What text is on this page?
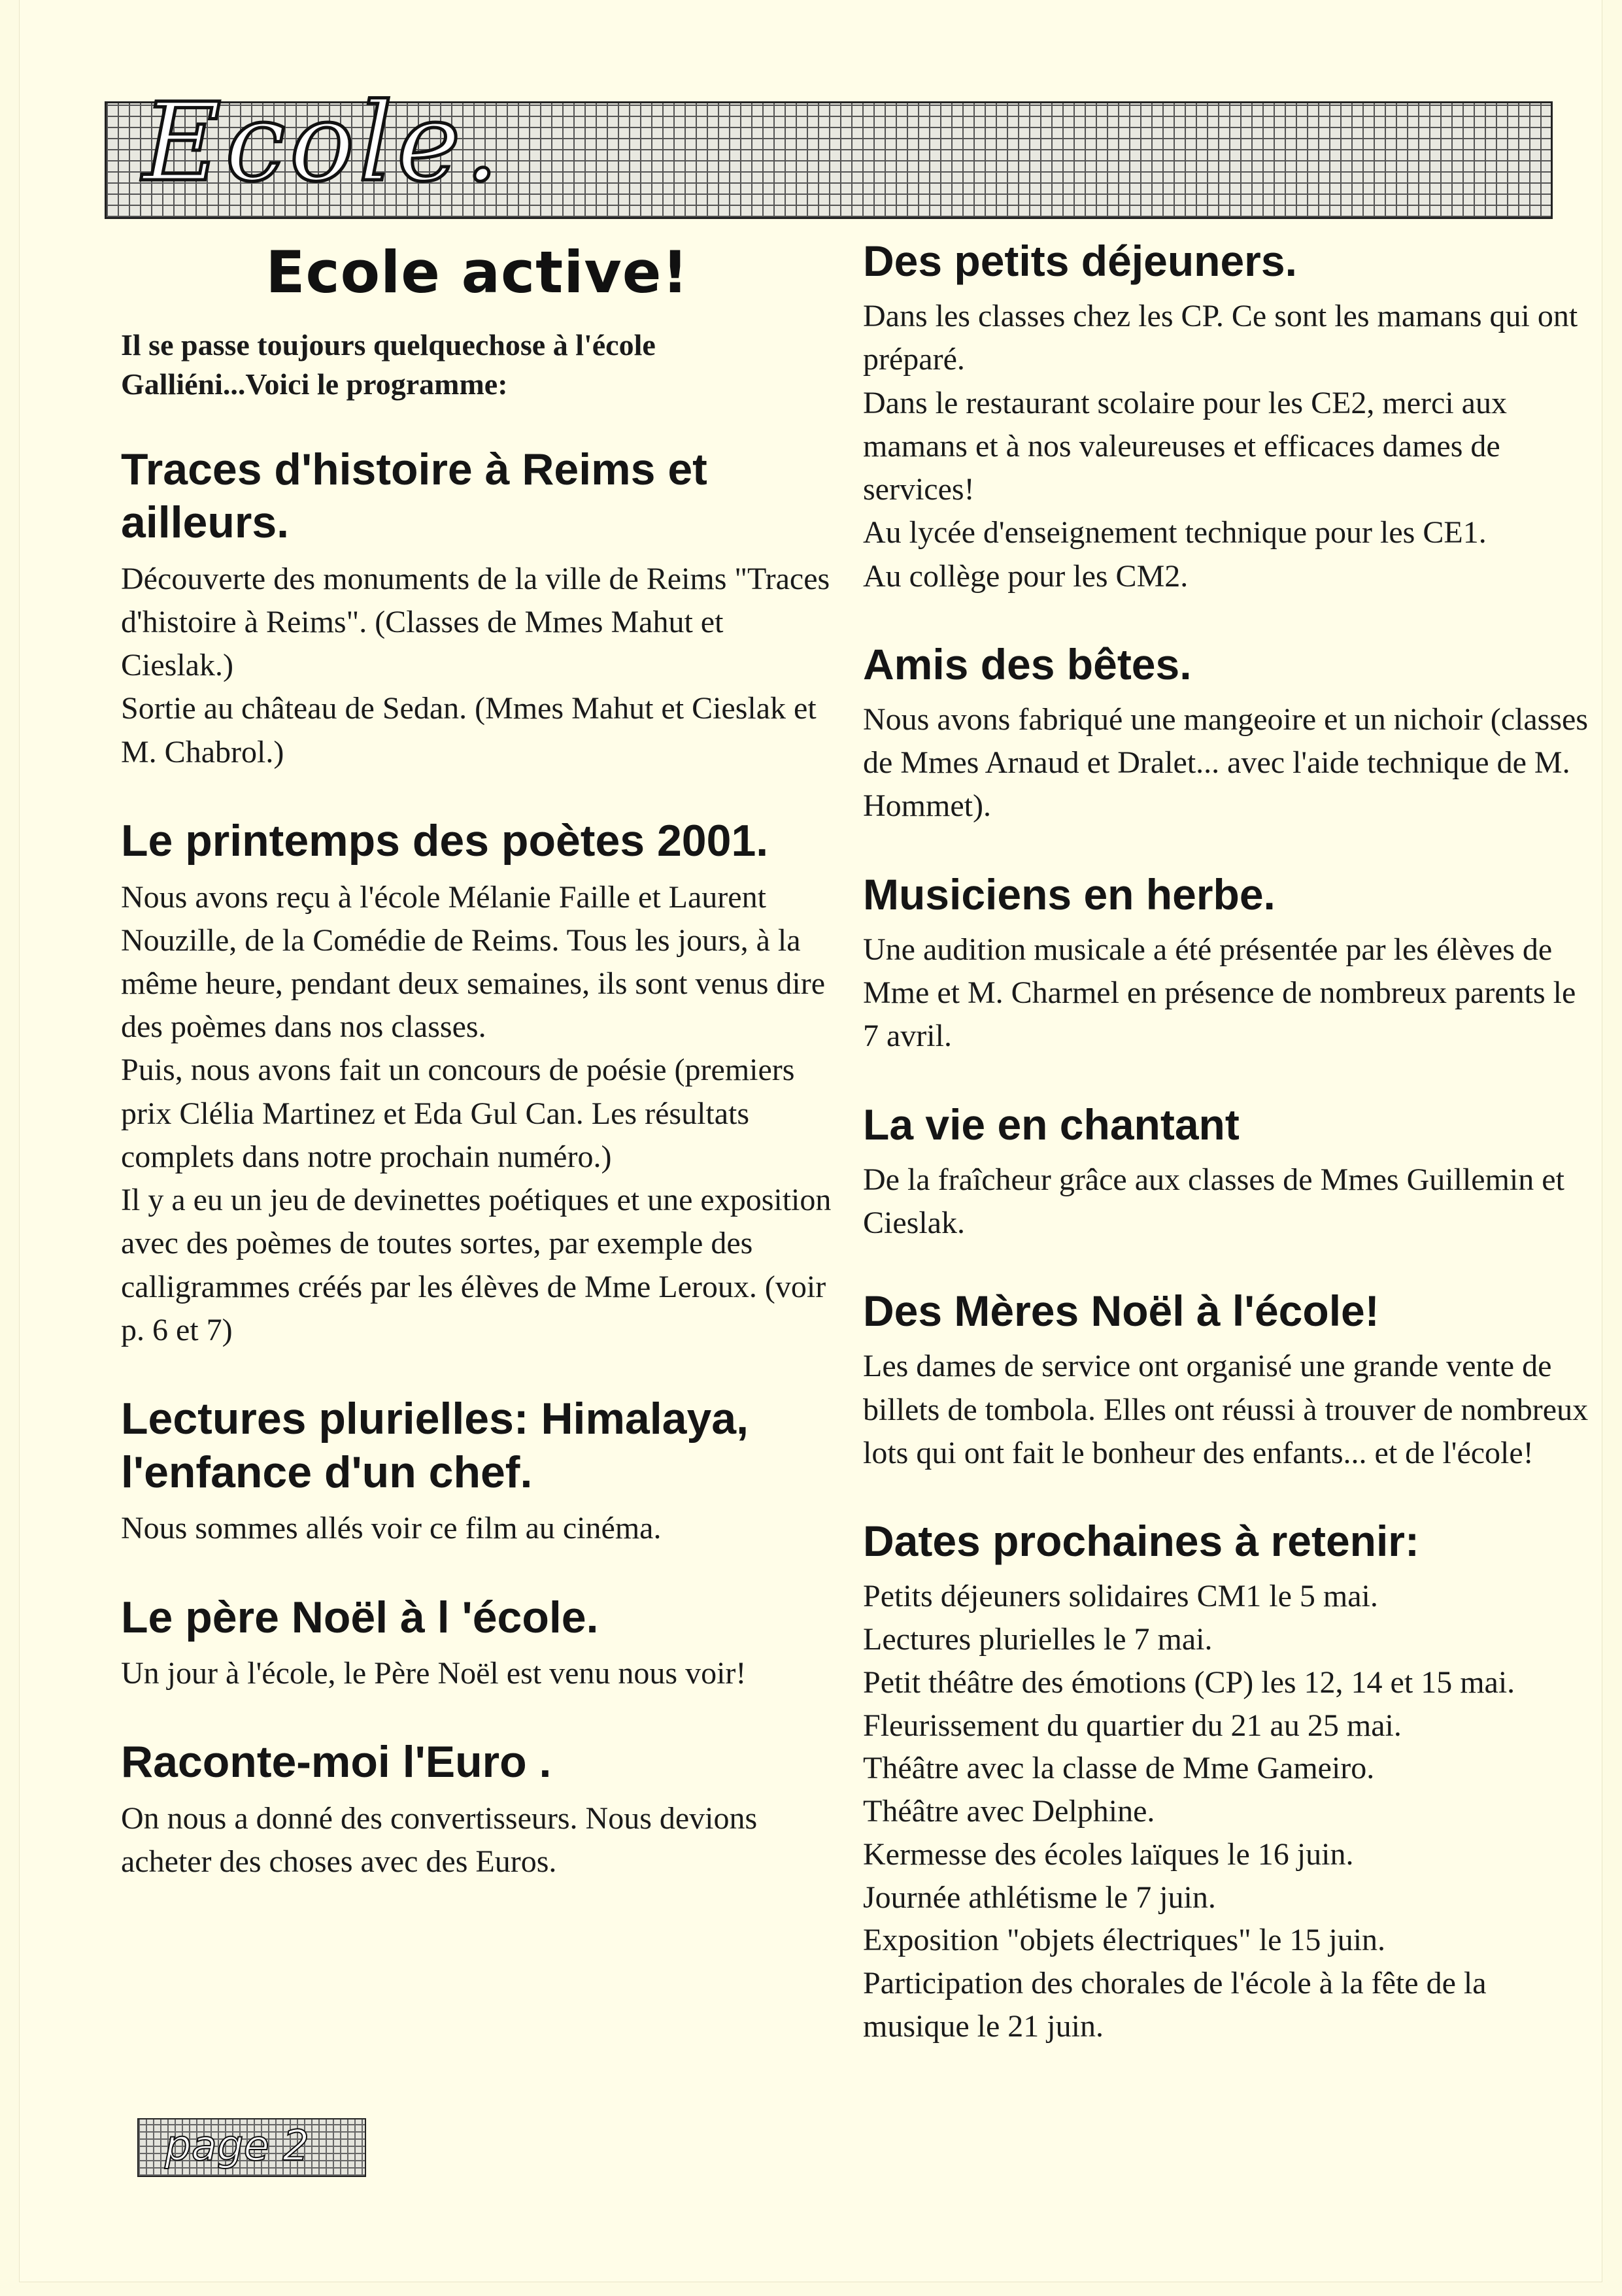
Ecole.
Ecole active!
Il se passe toujours quelquechose à l'école Galliéni...Voici le programme:
Traces d'histoire à Reims et ailleurs.

Découverte des monuments de la ville de Reims "Traces d'histoire à Reims". (Classes de Mmes Mahut et Cieslak.)

Sortie au château de Sedan. (Mmes Mahut et Cieslak et M. Chabrol.)

Le printemps des poètes 2001.

Nous avons reçu à l'école Mélanie Faille et Laurent Nouzille, de la Comédie de Reims. Tous les jours, à la même heure, pendant deux semaines, ils sont venus dire des poèmes dans nos classes.

Puis, nous avons fait un concours de poésie (premiers prix Clélia Martinez et Eda Gul Can. Les résultats complets dans notre prochain numéro.)

Il y a eu un jeu de devinettes poétiques et une exposition avec des poèmes de toutes sortes, par exemple des calligrammes créés par les élèves de Mme Leroux. (voir p. 6 et 7)

Lectures plurielles: Himalaya, l'enfance d'un chef.

Nous sommes allés voir ce film au cinéma.

Le père Noël à l 'école.

Un jour à l'école, le Père Noël est venu nous voir!

Raconte-moi l'Euro .

On nous a donné des convertisseurs. Nous devions acheter des choses avec des Euros.

Des petits déjeuners.

Dans les classes chez les CP. Ce sont les mamans qui ont préparé.

Dans le restaurant scolaire pour les CE2, merci aux mamans et à nos valeureuses et efficaces dames de services!

Au lycée d'enseignement technique pour les CE1.

Au collège pour les CM2.

Amis des bêtes.

Nous avons fabriqué une mangeoire et un nichoir (classes de Mmes Arnaud et Dralet... avec l'aide technique de M. Hommet).

Musiciens en herbe.

Une audition musicale a été présentée par les élèves de Mme et M. Charmel en présence de nombreux parents le 7 avril.

La vie en chantant

De la fraîcheur grâce aux classes de Mmes Guillemin et Cieslak.

Des Mères Noël à l'école!

Les dames de service ont organisé une grande vente de billets de tombola. Elles ont réussi à trouver de nombreux lots qui ont fait le bonheur des enfants... et de l'école!

Dates prochaines à retenir:
Petits déjeuners solidaires CM1 le 5 mai.
Lectures plurielles le 7 mai.
Petit théâtre des émotions (CP) les 12, 14 et 15 mai.
Fleurissement du quartier du 21 au 25 mai.
Théâtre avec la classe de Mme Gameiro.
Théâtre avec Delphine.
Kermesse des écoles laïques le 16 juin.
Journée athlétisme le 7 juin.
Exposition "objets électriques" le 15 juin.
Participation des chorales de l'école à la fête de la musique le 21 juin.
page 2
